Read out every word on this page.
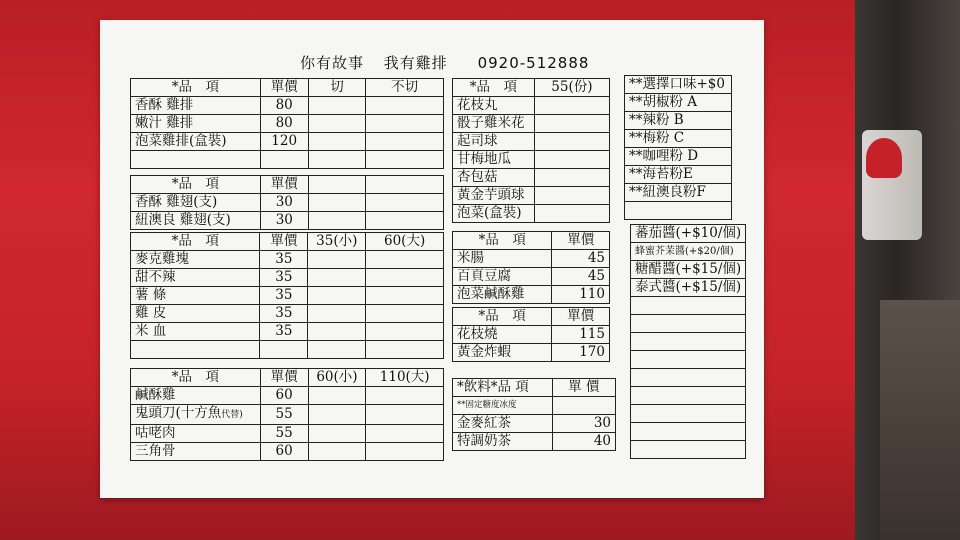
你有故事 我有雞排 0920-512888
*品　項	單價	切	不切
香酥 雞排	80		
嫩汁 雞排	80		
泡菜雞排(盒裝)	120		

*品　項	單價		
香酥 雞翅(支)	30		
紐澳良 雞翅(支)	30		
*品　項	單價	35(小)	60(大)
麥克雞塊	35		
甜不辣	35		
薯 條	35		
雞 皮	35		
米 血	35		

*品　項	單價	60(小)	110(大)
鹹酥雞	60		
鬼頭刀(十方魚代替)	55		
咕咾肉	55		
三角骨	60		
*品　項	55(份)
花枝丸	
骰子雞米花	
起司球	
甘梅地瓜	
杏包菇	
黃金芋頭球	
泡菜(盒裝)	
*品　項	單價
米腸	45
百頁豆腐	45
泡菜鹹酥雞	110
*品　項	單價
花枝燒	115
黃金炸蝦	170
*飲料*品 項	單 價
**固定糖度冰度	
金麥紅茶	30
特調奶茶	40
**選擇口味+$0
**胡椒粉 A
**辣粉 B
**梅粉 C
**咖哩粉 D
**海苔粉E
**紐澳良粉F

蕃茄醬(+$10/個)
蜂蜜芥茉醬(+$20/個)
糖醋醬(+$15/個)
泰式醬(+$15/個)
